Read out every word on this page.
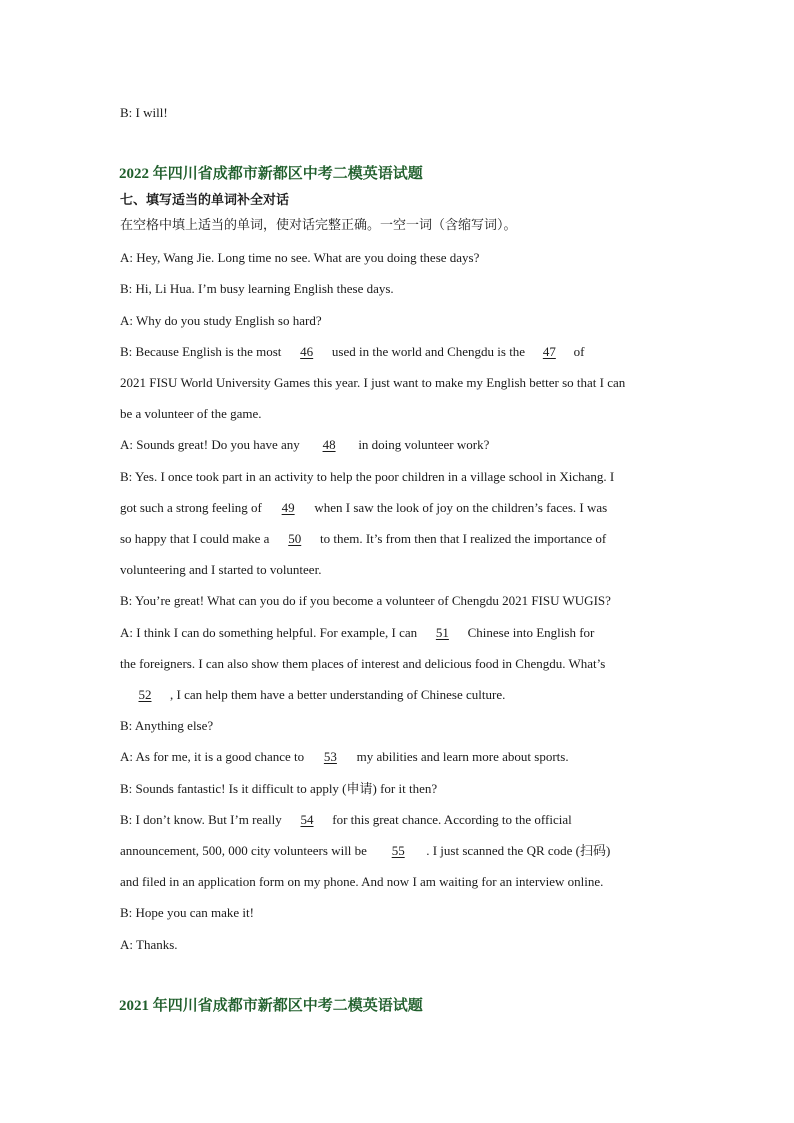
B: I will!
2022 年四川省成都市新都区中考二模英语试题
七、填写适当的单词补全对话
在空格中填上适当的单词，使对话完整正确。一空一词（含缩写词）。
A: Hey, Wang Jie. Long time no see. What are you doing these days?
B: Hi, Li Hua. I’m busy learning English these days.
A: Why do you study English so hard?
B: Because English is the most 46 used in the world and Chengdu is the 47 of
2021 FISU World University Games this year. I just want to make my English better so that I can
be a volunteer of the game.
A: Sounds great! Do you have any 48 in doing volunteer work?
B: Yes. I once took part in an activity to help the poor children in a village school in Xichang. I
got such a strong feeling of 49 when I saw the look of joy on the children’s faces. I was
so happy that I could make a 50 to them. It’s from then that I realized the importance of
volunteering and I started to volunteer.
B: You’re great! What can you do if you become a volunteer of Chengdu 2021 FISU WUGIS?
A: I think I can do something helpful. For example, I can 51 Chinese into English for
the foreigners. I can also show them places of interest and delicious food in Chengdu. What’s
52 , I can help them have a better understanding of Chinese culture.
B: Anything else?
A: As for me, it is a good chance to 53 my abilities and learn more about sports.
B: Sounds fantastic! Is it difficult to apply (申请) for it then?
B: I don’t know. But I’m really 54 for this great chance. According to the official
announcement, 500, 000 city volunteers will be 55 . I just scanned the QR code (扫码)
and filed in an application form on my phone. And now I am waiting for an interview online.
B: Hope you can make it!
A: Thanks.
2021 年四川省成都市新都区中考二模英语试题
